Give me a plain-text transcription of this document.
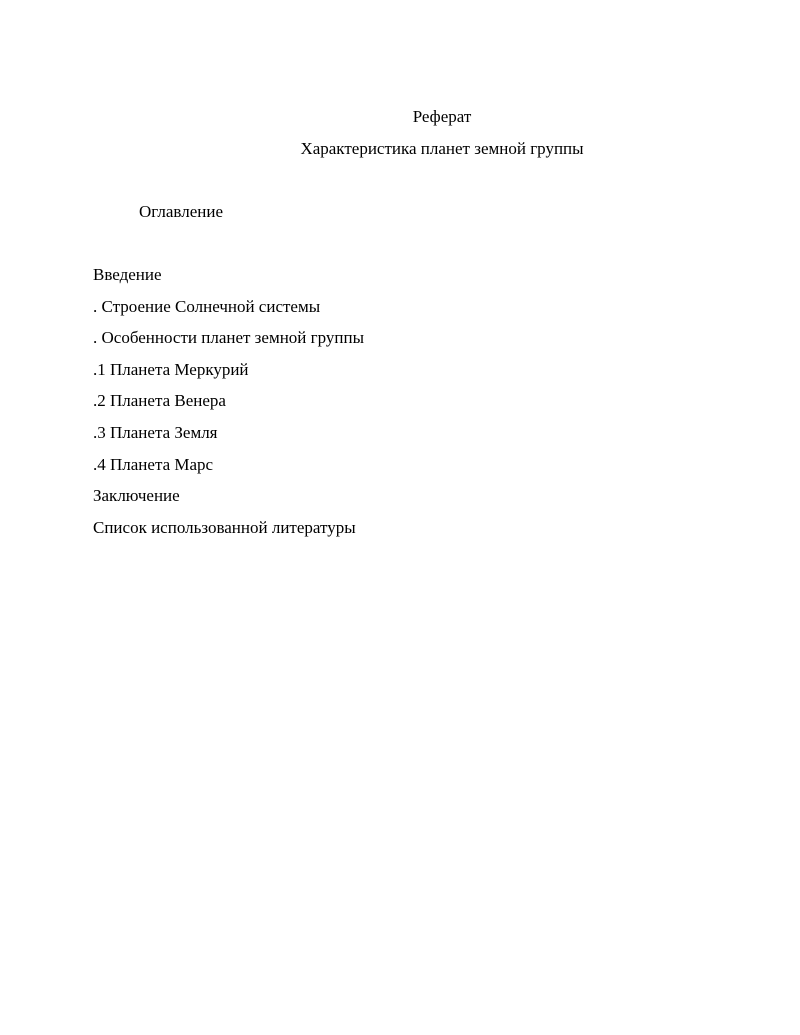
Реферат
Характеристика планет земной группы
Оглавление
Введение
. Строение Солнечной системы
. Особенности планет земной группы
.1 Планета Меркурий
.2 Планета Венера
.3 Планета Земля
.4 Планета Марс
Заключение
Список использованной литературы
